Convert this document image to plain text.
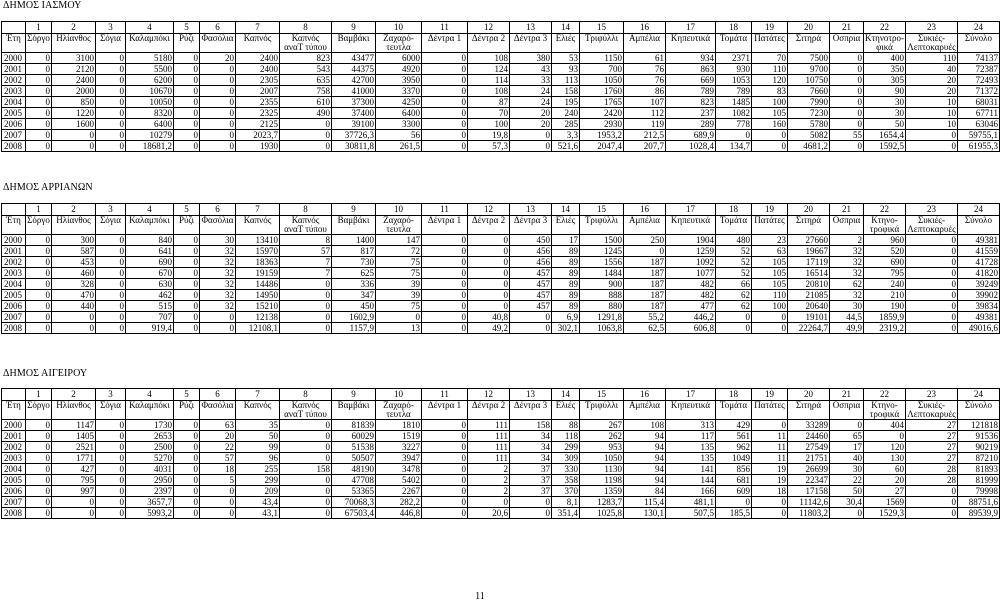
ΔΗΜΟΣ ΙΑΣΜΟΥ
	1	2	3	4	5	6	7	8	9	10	11	12	13	14	15	16	17	18	19	20	21	22	23	24
Έτη	Σόργο	Ηλίανθος	Σόγια	Καλαμπόκι	Ρύζι	Φασόλια	Καπνός	Καπνός	Βαμβάκι	Ζαχαρό-	Δέντρα 1	Δέντρα 2	Δέντρα 3	Ελιές	Τριφύλλι	Αμπέλια	Κηπευτικά	Τομάτα	Πατάτες	Σιτηρά	Οσπρια	Κτηνοτρο-	Συκιές-	Σύνολο
								αναT τύπου		τευτλα												φικά	Λεπτοκαρυές	
2000	0	3100	0	5180	0	20	2400	823	43477	6000	0	108	380	53	1150	61	934	2371	70	7500	0	400	110	74137
2001	0	2120	0	5500	0	0	2400	543	44375	4920	0	124	43	93	700	76	863	930	110	9700	0	350	40	72387
2002	0	2400	0	6200	0	0	2305	635	42700	3950	0	114	33	113	1050	76	669	1053	120	10750	0	305	20	72493
2003	0	2000	0	10670	0	0	2007	758	41000	3370	0	108	24	158	1760	86	789	789	83	7660	0	90	20	71372
2004	0	850	0	10050	0	0	2355	610	37300	4250	0	87	24	195	1765	107	823	1485	100	7990	0	30	10	68031
2005	0	1220	0	8320	0	0	2325	490	37400	6400	0	70	20	240	2420	112	237	1082	105	7230	0	30	10	67711
2006	0	1600	0	6400	0	0	2125	0	39100	3300	0	100	20	285	2930	119	289	778	160	5780	0	50	10	63046
2007	0	0	0	10279	0	0	2023,7	0	37726,3	56	0	19,8	0	3,3	1953,2	212,5	689,9	0	0	5082	55	1654,4	0	59755,1
2008	0	0	0	18681,2	0	0	1930	0	30811,8	261,5	0	57,3	0	521,6	2047,4	207,7	1028,4	134,7	0	4681,2	0	1592,5	0	61955,3
ΔΗΜΟΣ ΑΡΡΙΑΝΩΝ
	1	2	3	4	5	6	7	8	9	10	11	12	13	14	15	16	17	18	19	20	21	22	23	24
Έτη	Σόργο	Ηλίανθος	Σόγια	Καλαμπόκι	Ρύζι	Φασόλια	Καπνός	Καπνός	Βαμβάκι	Ζαχαρό-	Δέντρα 1	Δέντρα 2	Δέντρα 3	Ελιές	Τριφύλλι	Αμπέλια	Κηπευτικά	Τομάτα	Πατάτες	Σιτηρά	Οσπρια	Κτηνο-	Συκιές-	Σύνολο
								αναT τύπου		τευτλα												τροφικά	Λεπτοκαρυές	
2000	0	300	0	840	0	30	13410	8	1400	147	0	0	450	17	1500	250	1904	480	23	27660	2	960	0	49381
2001	0	587	0	641	0	32	15970	57	817	72	0	0	456	89	1245	0	1259	52	63	19667	32	520	0	41559
2002	0	453	0	690	0	32	18363	7	730	75	0	0	456	89	1556	187	1092	52	105	17119	32	690	0	41728
2003	0	460	0	670	0	32	19159	7	625	75	0	0	457	89	1484	187	1077	52	105	16514	32	795	0	41820
2004	0	328	0	630	0	32	14486	0	336	39	0	0	457	89	900	187	482	66	105	20810	62	240	0	39249
2005	0	470	0	462	0	32	14950	0	347	39	0	0	457	89	888	187	482	62	110	21085	32	210	0	39902
2006	0	440	0	515	0	32	15210	0	450	75	0	0	457	89	880	187	477	62	100	20640	30	190	0	39834
2007	0	0	0	707	0	0	12138	0	1602,9	0	0	40,8	0	6,9	1291,8	55,2	446,2	0	0	19101	44,5	1859,9	0	49381
2008	0	0	0	919,4	0	0	12108,1	0	1157,9	13	0	49,2	0	302,1	1063,8	62,5	606,8	0	0	22264,7	49,9	2319,2	0	49016,6
ΔΗΜΟΣ ΑΙΓΕΙΡΟΥ
	1	2	3	4	5	6	7	8	9	10	11	12	13	14	15	16	17	18	19	20	21	22	23	24
Έτη	Σόργο	Ηλίανθος	Σόγια	Καλαμπόκι	Ρύζι	Φασόλια	Καπνός	Καπνός	Βαμβάκι	Ζαχαρό-	Δέντρα 1	Δέντρα 2	Δέντρα 3	Ελιές	Τριφύλλι	Αμπέλια	Κηπευτικά	Τομάτα	Πατάτες	Σιτηρά	Οσπρια	Κτηνο-	Συκιές-	Σύνολο
								αναT τύπου		τευτλα												τροφικά	Λεπτοκαρυές	
2000	0	1147	0	1730	0	63	35	0	81839	1810	0	111	158	88	267	108	313	429	0	33289	0	404	27	121818
2001	0	1405	0	2653	0	20	50	0	60029	1519	0	111	34	118	262	94	117	561	11	24460	65	0	27	91536
2002	0	2521	0	2500	0	22	99	0	51538	3227	0	111	34	299	953	94	135	962	11	27549	17	120	27	90219
2003	0	1771	0	5270	0	57	96	0	50507	3947	0	111	34	309	1050	94	135	1049	11	21751	40	130	27	87210
2004	0	427	0	4031	0	18	255	158	48190	3478	0	2	37	330	1130	94	141	856	19	26699	30	60	28	81893
2005	0	795	0	2950	0	5	299	0	47708	5402	0	2	37	358	1198	94	144	681	19	22347	22	20	28	81999
2006	0	997	0	2397	0	0	209	0	53365	2267	0	2	37	370	1359	84	166	609	18	17158	50	27	0	79998
2007	0	0	0	3657,7	0	0	43,4	0	70068,3	282,2	0	0	0	8,1	1283,7	115,4	481,1	0	0	11142,6	30,4	1569	0	88751,6
2008	0	0	0	5993,2	0	0	43,1	0	67503,4	446,8	0	20,6	0	351,4	1025,8	130,1	507,5	185,5	0	11803,2	0	1529,3	0	89539,9
11
